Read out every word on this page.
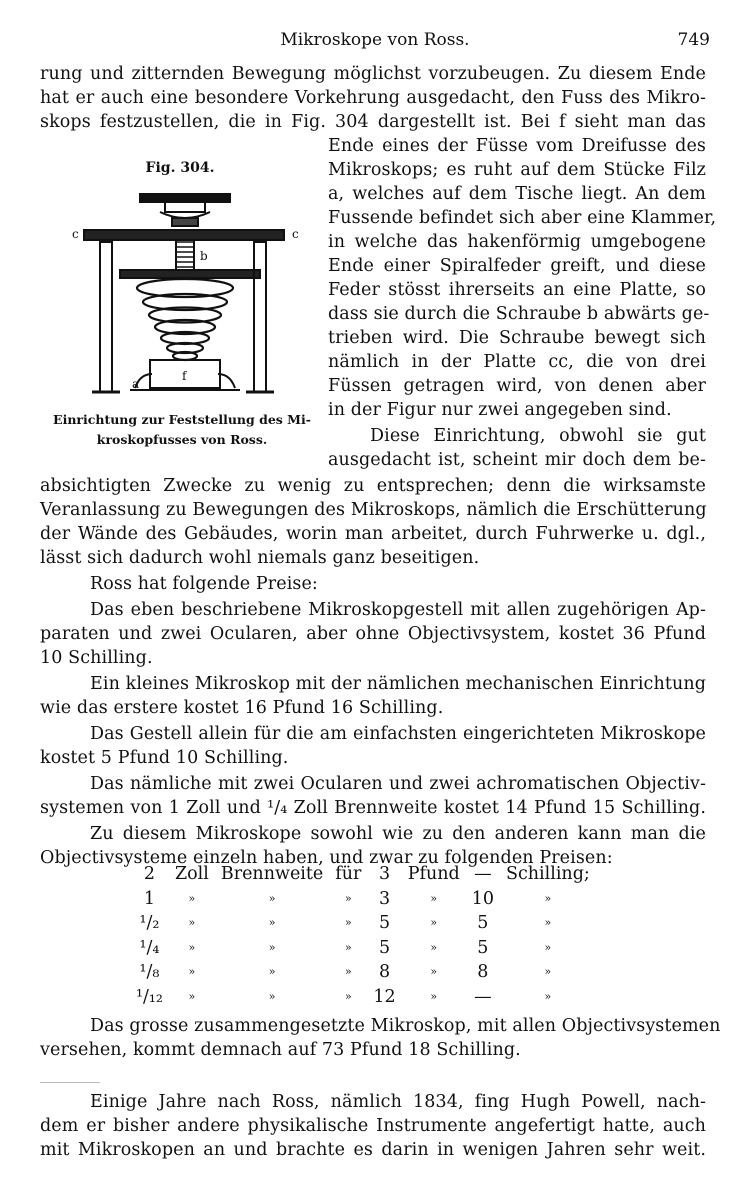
Mikroskope von Ross.	749
rung und zitternden Bewegung möglichst vorzubeugen. Zu diesem Ende
hat er auch eine besondere Vorkehrung ausgedacht, den Fuss des Mikro-
skops festzustellen, die in Fig. 304 dargestellt ist. Bei f sieht man das
Ende eines der Füsse vom Dreifusse des
Mikroskops; es ruht auf dem Stücke Filz
a, welches auf dem Tische liegt. An dem
Fussende befindet sich aber eine Klammer,
in welche das hakenförmig umgebogene
Ende einer Spiralfeder greift, und diese
Feder stösst ihrerseits an eine Platte, so
dass sie durch die Schraube b abwärts ge-
trieben wird. Die Schraube bewegt sich
nämlich in der Platte cc, die von drei
Füssen getragen wird, von denen aber
in der Figur nur zwei angegeben sind.
Diese Einrichtung, obwohl sie gut
ausgedacht ist, scheint mir doch dem be-
Fig. 304.
c	c
b
f
a
Einrichtung zur Feststellung des Mi-
kroskopfusses von Ross.
absichtigten Zwecke zu wenig zu entsprechen; denn die wirksamste
Veranlassung zu Bewegungen des Mikroskops, nämlich die Erschütterung
der Wände des Gebäudes, worin man arbeitet, durch Fuhrwerke u. dgl.,
lässt sich dadurch wohl niemals ganz beseitigen.
Ross hat folgende Preise:
Das eben beschriebene Mikroskopgestell mit allen zugehörigen Ap-
paraten und zwei Ocularen, aber ohne Objectivsystem, kostet 36 Pfund
10 Schilling.
Ein kleines Mikroskop mit der nämlichen mechanischen Einrichtung
wie das erstere kostet 16 Pfund 16 Schilling.
Das Gestell allein für die am einfachsten eingerichteten Mikroskope
kostet 5 Pfund 10 Schilling.
Das nämliche mit zwei Ocularen und zwei achromatischen Objectiv-
systemen von 1 Zoll und ¹/₄ Zoll Brennweite kostet 14 Pfund 15 Schilling.
Zu diesem Mikroskope sowohl wie zu den anderen kann man die
Objectivsysteme einzeln haben, und zwar zu folgenden Preisen:
2	Zoll	Brennweite	für	3	Pfund	—	Schilling;
1	»	»	»	3	»	10	»
¹/₂	»	»	»	5	»	5	»
¹/₄	»	»	»	5	»	5	»
¹/₈	»	»	»	8	»	8	»
¹/₁₂	»	»	»	12	»	—	»
Das grosse zusammengesetzte Mikroskop, mit allen Objectivsystemen
versehen, kommt demnach auf 73 Pfund 18 Schilling.
Einige Jahre nach Ross, nämlich 1834, fing Hugh Powell, nach-
dem er bisher andere physikalische Instrumente angefertigt hatte, auch
mit Mikroskopen an und brachte es darin in wenigen Jahren sehr weit.
